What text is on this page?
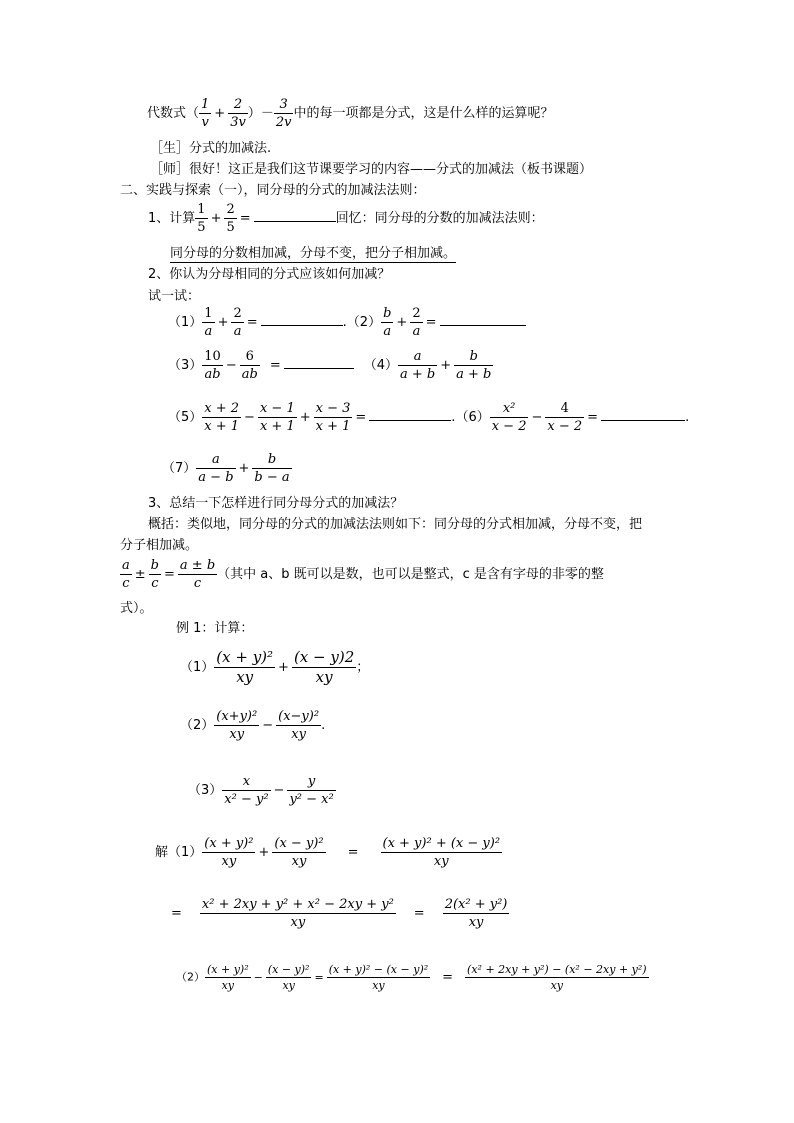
代数式（ $\frac{1}{v} + \frac{2}{3v}$ ）－ $\frac{3}{2v}$ 中的每一项都是分式，这是什么样的运算呢？
［生］分式的加减法.
［师］很好！这正是我们这节课要学习的内容——分式的加减法（板书课题）
二、实践与探索（一），同分母的分式的加减法法则：
1、计算 $\frac{1}{5} + \frac{2}{5}$ =	回忆：同分母的分数的加减法法则：
同分母的分数相加减，分母不变，把分子相加减。
2、你认为分母相同的分式应该如何加减？
试一试：
$(1) \frac{1}{a} + \frac{2}{a}$ =	$.(2) \frac{b}{a} + \frac{2}{a}$ =
$(3) \frac{10}{ab} - \frac{6}{ab}$ =	$(4) \frac{a}{a + b} + \frac{b}{a + b}$
$(5) \frac{x + 2}{x + 1} - \frac{x - 1}{x + 1} + \frac{x - 3}{x + 1}$ =	$.(6) \frac{\text{x²}}{x - 2} - \frac{4}{x - 2}$ =	.
$(7) \frac{a}{a - b} + \frac{b}{b - a}$
3、总结一下怎样进行同分母分式的加减法？
概括：类似地，同分母的分式的加减法法则如下：同分母的分式相加减，分母不变，把
分子相加减。
$\frac{a}{c} \pm \frac{b}{c} = \frac{a \pm b}{c}$ （其中 a、b 既可以是数，也可以是整式，c 是含有字母的非零的整
式）。
例 1：计算：
$(1) \frac{\text{(x + y)²}}{xy} + \frac{(x - y)2}{xy}$ ；
$(2) \frac{\text{(x+y)²}}{xy} - \frac{\text{(x−y)²}}{xy}$ .
$(3) \frac{x}{\text{x² − y²}} - \frac{y}{\text{y² − x²}}$
解$(1) \frac{\text{(x + y)²}}{xy} + \frac{\text{(x − y)²}}{xy} = \frac{\text{(x + y)² + (x − y)²}}{xy}$
= $\frac{\text{x² + 2xy + y² + x² − 2xy + y²}}{xy} = \frac{\text{2(x² + y²)}}{xy}$
$(2) \frac{\text{(x + y)²}}{xy} - \frac{\text{(x − y)²}}{xy} = \frac{\text{(x + y)² − (x − y)²}}{xy} = \frac{\text{(x² + 2xy + y²) − (x² − 2xy + y²)}}{xy}$
